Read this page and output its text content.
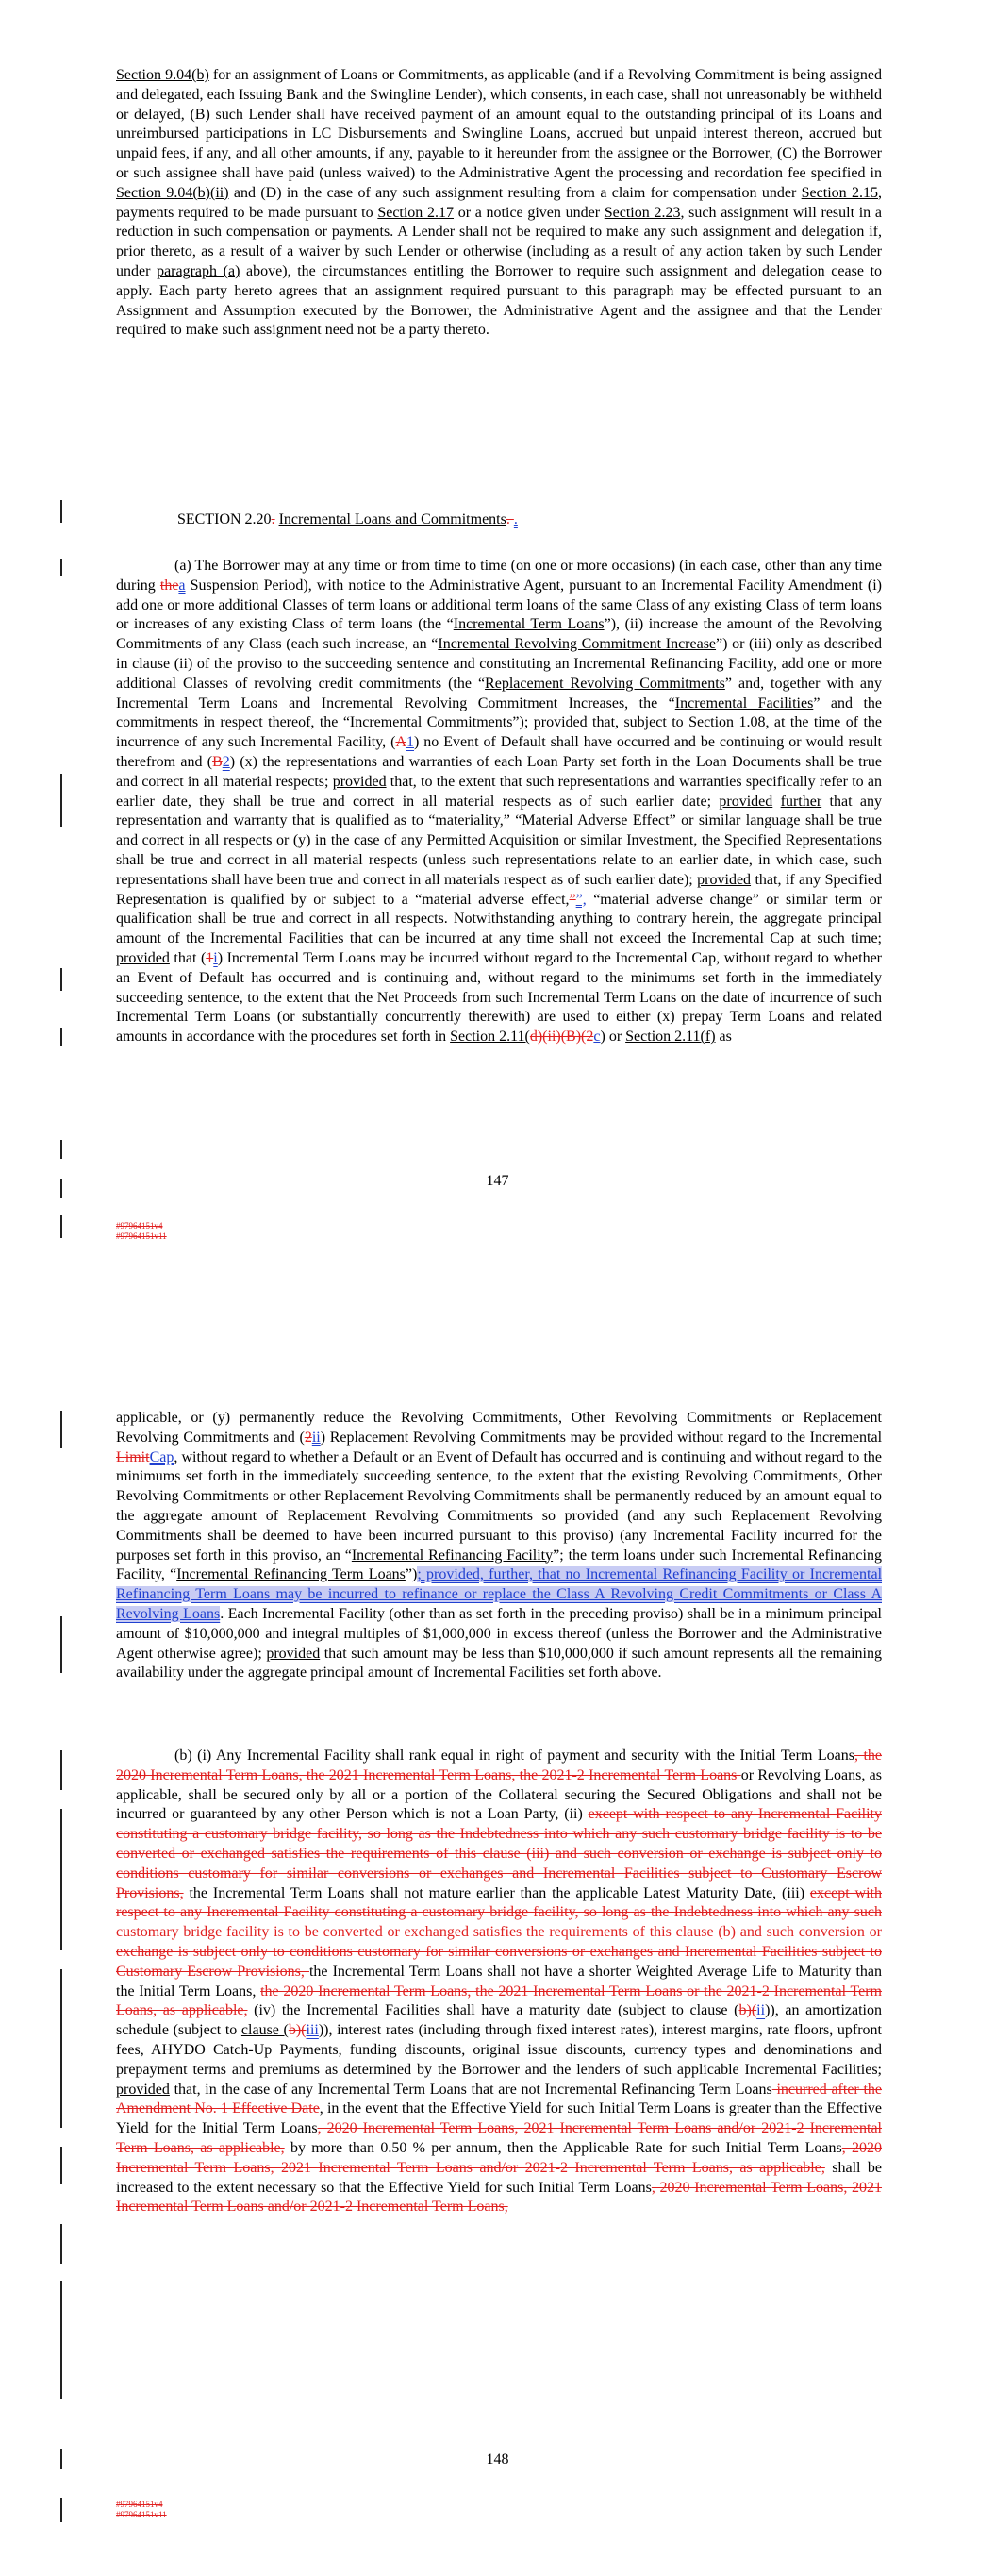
Section 9.04(b) for an assignment of Loans or Commitments, as applicable (and if a Revolving Commitment is being assigned and delegated, each Issuing Bank and the Swingline Lender), which consents, in each case, shall not unreasonably be withheld or delayed, (B) such Lender shall have received payment of an amount equal to the outstanding principal of its Loans and unreimbursed participations in LC Disbursements and Swingline Loans, accrued but unpaid interest thereon, accrued but unpaid fees, if any, and all other amounts, if any, payable to it hereunder from the assignee or the Borrower, (C) the Borrower or such assignee shall have paid (unless waived) to the Administrative Agent the processing and recordation fee specified in Section 9.04(b)(ii) and (D) in the case of any such assignment resulting from a claim for compensation under Section 2.15, payments required to be made pursuant to Section 2.17 or a notice given under Section 2.23, such assignment will result in a reduction in such compensation or payments. A Lender shall not be required to make any such assignment and delegation if, prior thereto, as a result of a waiver by such Lender or otherwise (including as a result of any action taken by such Lender under paragraph (a) above), the circumstances entitling the Borrower to require such assignment and delegation cease to apply. Each party hereto agrees that an assignment required pursuant to this paragraph may be effected pursuant to an Assignment and Assumption executed by the Borrower, the Administrative Agent and the assignee and that the Lender required to make such assignment need not be a party thereto.

SECTION 2.20. Incremental Loans and Commitments. .

(a) The Borrower may at any time or from time to time (on one or more occasions) (in each case, other than any time during thea Suspension Period), with notice to the Administrative Agent, pursuant to an Incremental Facility Amendment (i) add one or more additional Classes of term loans or additional term loans of the same Class of any existing Class of term loans or increases of any existing Class of term loans (the “Incremental Term Loans”), (ii) increase the amount of the Revolving Commitments of any Class (each such increase, an “Incremental Revolving Commitment Increase”) or (iii) only as described in clause (ii) of the proviso to the succeeding sentence and constituting an Incremental Refinancing Facility, add one or more additional Classes of revolving credit commitments (the “Replacement Revolving Commitments” and, together with any Incremental Term Loans and Incremental Revolving Commitment Increases, the “Incremental Facilities” and the commitments in respect thereof, the “Incremental Commitments”); provided that, subject to Section 1.08, at the time of the incurrence of any such Incremental Facility, (A1) no Event of Default shall have occurred and be continuing or would result therefrom and (B2) (x) the representations and warranties of each Loan Party set forth in the Loan Documents shall be true and correct in all material respects; provided that, to the extent that such representations and warranties specifically refer to an earlier date, they shall be true and correct in all material respects as of such earlier date; provided further that any representation and warranty that is qualified as to “materiality,” “Material Adverse Effect” or similar language shall be true and correct in all respects or (y) in the case of any Permitted Acquisition or similar Investment, the Specified Representations shall be true and correct in all material respects (unless such representations relate to an earlier date, in which case, such representations shall have been true and correct in all materials respect as of such earlier date); provided that, if any Specified Representation is qualified by or subject to a “material adverse effect,””, “material adverse change” or similar term or qualification shall be true and correct in all respects. Notwithstanding anything to contrary herein, the aggregate principal amount of the Incremental Facilities that can be incurred at any time shall not exceed the Incremental Cap at such time; provided that (1i) Incremental Term Loans may be incurred without regard to the Incremental Cap, without regard to whether an Event of Default has occurred and is continuing and, without regard to the minimums set forth in the immediately succeeding sentence, to the extent that the Net Proceeds from such Incremental Term Loans on the date of incurrence of such Incremental Term Loans (or substantially concurrently therewith) are used to either (x) prepay Term Loans and related amounts in accordance with the procedures set forth in Section 2.11(d)(ii)(B)(2c) or Section 2.11(f) as

147
#97964151v4
#97964151v11

applicable, or (y) permanently reduce the Revolving Commitments, Other Revolving Commitments or Replacement Revolving Commitments and (2ii) Replacement Revolving Commitments may be provided without regard to the Incremental LimitCap, without regard to whether a Default or an Event of Default has occurred and is continuing and without regard to the minimums set forth in the immediately succeeding sentence, to the extent that the existing Revolving Commitments, Other Revolving Commitments or other Replacement Revolving Commitments shall be permanently reduced by an amount equal to the aggregate amount of Replacement Revolving Commitments so provided (and any such Replacement Revolving Commitments shall be deemed to have been incurred pursuant to this proviso) (any Incremental Facility incurred for the purposes set forth in this proviso, an “Incremental Refinancing Facility”; the term loans under such Incremental Refinancing Facility, “Incremental Refinancing Term Loans”); provided, further, that no Incremental Refinancing Facility or Incremental Refinancing Term Loans may be incurred to refinance or replace the Class A Revolving Credit Commitments or Class A Revolving Loans. Each Incremental Facility (other than as set forth in the preceding proviso) shall be in a minimum principal amount of $10,000,000 and integral multiples of $1,000,000 in excess thereof (unless the Borrower and the Administrative Agent otherwise agree); provided that such amount may be less than $10,000,000 if such amount represents all the remaining availability under the aggregate principal amount of Incremental Facilities set forth above.

(b) (i) Any Incremental Facility shall rank equal in right of payment and security with the Initial Term Loans, the 2020 Incremental Term Loans, the 2021 Incremental Term Loans, the 2021-2 Incremental Term Loans or Revolving Loans, as applicable, shall be secured only by all or a portion of the Collateral securing the Secured Obligations and shall not be incurred or guaranteed by any other Person which is not a Loan Party, (ii) except with respect to any Incremental Facility constituting a customary bridge facility, so long as the Indebtedness into which any such customary bridge facility is to be converted or exchanged satisfies the requirements of this clause (iii) and such conversion or exchange is subject only to conditions customary for similar conversions or exchanges and Incremental Facilities subject to Customary Escrow Provisions, the Incremental Term Loans shall not mature earlier than the applicable Latest Maturity Date, (iii) except with respect to any Incremental Facility constituting a customary bridge facility, so long as the Indebtedness into which any such customary bridge facility is to be converted or exchanged satisfies the requirements of this clause (b) and such conversion or exchange is subject only to conditions customary for similar conversions or exchanges and Incremental Facilities subject to Customary Escrow Provisions, the Incremental Term Loans shall not have a shorter Weighted Average Life to Maturity than the Initial Term Loans, the 2020 Incremental Term Loans, the 2021 Incremental Term Loans or the 2021-2 Incremental Term Loans, as applicable, (iv) the Incremental Facilities shall have a maturity date (subject to clause (b)(ii)), an amortization schedule (subject to clause (b)(iii)), interest rates (including through fixed interest rates), interest margins, rate floors, upfront fees, AHYDO Catch-Up Payments, funding discounts, original issue discounts, currency types and denominations and prepayment terms and premiums as determined by the Borrower and the lenders of such applicable Incremental Facilities; provided that, in the case of any Incremental Term Loans that are not Incremental Refinancing Term Loans incurred after the Amendment No. 1 Effective Date, in the event that the Effective Yield for such Initial Term Loans is greater than the Effective Yield for the Initial Term Loans, 2020 Incremental Term Loans, 2021 Incremental Term Loans and/or 2021-2 Incremental Term Loans, as applicable, by more than 0.50 % per annum, then the Applicable Rate for such Initial Term Loans, 2020 Incremental Term Loans, 2021 Incremental Term Loans and/or 2021-2 Incremental Term Loans, as applicable, shall be increased to the extent necessary so that the Effective Yield for such Initial Term Loans, 2020 Incremental Term Loans, 2021 Incremental Term Loans and/or 2021-2 Incremental Term Loans,

148
#97964151v4
#97964151v11
